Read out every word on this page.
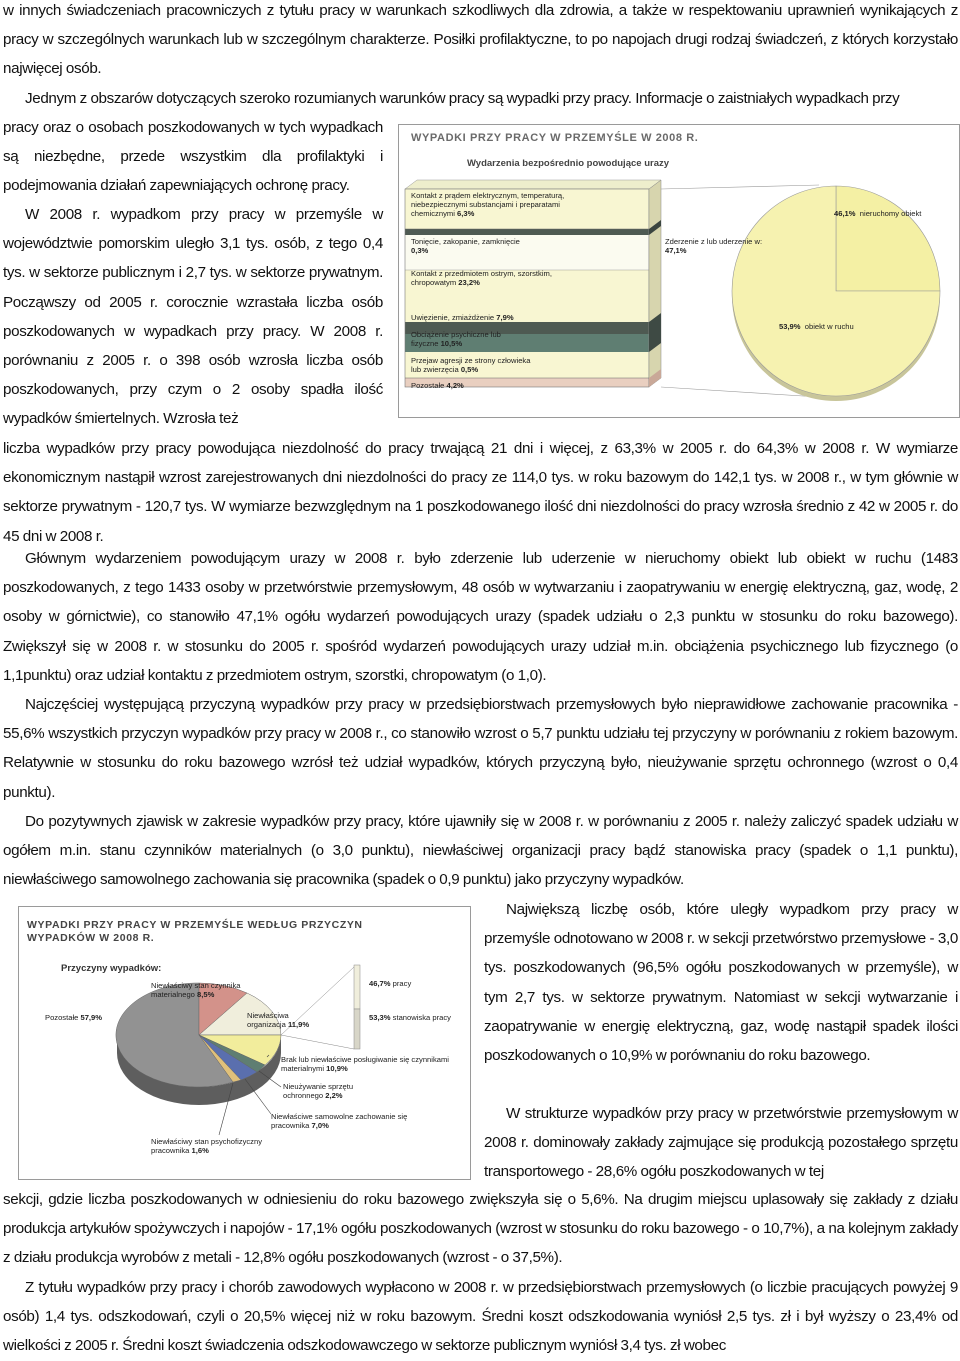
w innych świadczeniach pracowniczych z tytułu pracy w warunkach szkodliwych dla zdrowia, a także w respektowaniu uprawnień wynikających z pracy w szczególnych warunkach lub w szczególnym charakterze. Posiłki profilaktyczne, to po napojach drugi rodzaj świadczeń, z których korzystało najwięcej osób.

Jednym z obszarów dotyczących szeroko rozumianych warunków pracy są wypadki przy pracy. Informacje o zaistniałych wypadkach przy

pracy oraz o osobach poszkodowanych w tych wypadkach są niezbędne, przede wszystkim dla profilaktyki i podejmowania działań zapewniających ochronę pracy.

W 2008 r. wypadkom przy pracy w przemyśle w województwie pomorskim uległo 3,1 tys. osób, z tego 0,4 tys. w sektorze publicznym i 2,7 tys. w sektorze prywatnym. Począwszy od 2005 r. corocznie wzrastała liczba osób poszkodowanych w wypadkach przy pracy. W 2008 r. porównaniu z 2005 r. o 398 osób wzrosła liczba osób poszkodowanych, przy czym o 2 osoby spadła ilość wypadków śmiertelnych. Wzrosła też

liczba wypadków przy pracy powodująca niezdolność do pracy trwającą 21 dni i więcej, z 63,3% w 2005 r. do 64,3% w 2008 r. W wymiarze ekonomicznym nastąpił wzrost zarejestrowanych dni niezdolności do pracy ze 114,0 tys. w roku bazowym do 142,1 tys. w 2008 r., w tym głównie w sektorze prywatnym - 120,7 tys. W wymiarze bezwzględnym na 1 poszkodowanego ilość dni niezdolności do pracy wzrosła średnio z 42 w 2005 r. do 45 dni w 2008 r.

Głównym wydarzeniem powodującym urazy w 2008 r. było zderzenie lub uderzenie w nieruchomy obiekt lub obiekt w ruchu (1483 poszkodowanych, z tego 1433 osoby w przetwórstwie przemysłowym, 48 osób w wytwarzaniu i zaopatrywaniu w energię elektryczną, gaz, wodę, 2 osoby w górnictwie), co stanowiło 47,1% ogółu wydarzeń powodujących urazy (spadek udziału o 2,3 punktu w stosunku do roku bazowego). Zwiększył się w 2008 r. w stosunku do 2005 r. spośród wydarzeń powodujących urazy udział m.in. obciążenia psychicznego lub fizycznego (o 1,1punktu) oraz udział kontaktu z przedmiotem ostrym, szorstki, chropowatym (o 1,0).

Najczęściej występującą przyczyną wypadków przy pracy w przedsiębiorstwach przemysłowych było nieprawidłowe zachowanie pracownika - 55,6% wszystkich przyczyn wypadków przy pracy w 2008 r., co stanowiło wzrost o 5,7 punktu udziału tej przyczyny w porównaniu z rokiem bazowym. Relatywnie w stosunku do roku bazowego wzrósł też udział wypadków, których przyczyną było, nieużywanie sprzętu ochronnego (wzrost o 0,4 punktu).

Do pozytywnych zjawisk w zakresie wypadków przy pracy, które ujawniły się w 2008 r. w porównaniu z 2005 r. należy zaliczyć spadek udziału w ogółem m.in. stanu czynników materialnych (o 3,0 punktu), niewłaściwej organizacji pracy bądź stanowiska pracy (spadek o 1,1 punktu), niewłaściwego samowolnego zachowania się pracownika (spadek o 0,9 punktu) jako przyczyny wypadków.

Największą liczbę osób, które uległy wypadkom przy pracy w przemyśle odnotowano w 2008 r. w sekcji przetwórstwo przemysłowe - 3,0 tys. poszkodowanych (96,5% ogółu poszkodowanych w przemyśle), w tym 2,7 tys. w sektorze prywatnym. Natomiast w sekcji wytwarzanie i zaopatrywanie w energię elektryczną, gaz, wodę nastąpił spadek ilości poszkodowanych o 10,9% w porównaniu do roku bazowego.

W strukturze wypadków przy pracy w przetwórstwie przemysłowym w 2008 r. dominowały zakłady zajmujące się produkcją pozostałego sprzętu transportowego - 28,6% ogółu poszkodowanych w tej

sekcji, gdzie liczba poszkodowanych w odniesieniu do roku bazowego zwiększyła się o 5,6%. Na drugim miejscu uplasowały się zakłady z działu produkcja artykułów spożywczych i napojów - 17,1% ogółu poszkodowanych (wzrost w stosunku do roku bazowego - o 10,7%), a na kolejnym zakłady z działu produkcja wyrobów z metali - 12,8% ogółu poszkodowanych (wzrost - o 37,5%).

Z tytułu wypadków przy pracy i chorób zawodowych wypłacono w 2008 r. w przedsiębiorstwach przemysłowych (o liczbie pracujących powyżej 9 osób) 1,4 tys. odszkodowań, czyli o 20,5% więcej niż w roku bazowym. Średni koszt odszkodowania wyniósł 2,5 tys. zł i był wyższy o 23,4% od wielkości z 2005 r. Średni koszt świadczenia odszkodowawczego w sektorze publicznym wyniósł 3,4 tys. zł wobec

WYPADKI PRZY PRACY W PRZEMYŚLE W 2008 R.
Wydarzenia bezpośrednio powodujące urazy
Kontakt z prądem elektrycznym, temperaturą, niebezpiecznymi substancjami i preparatami chemicznymi 6,3%
Tonięcie, zakopanie, zamknięcie 0,3%
Kontakt z przedmiotem ostrym, szorstkim, chropowatym 23,2%
Uwięzienie, zmiażdżenie 7,9%
Obciążenie psychiczne lub fizyczne 10,5%
Przejaw agresji ze strony człowieka lub zwierzęcia 0,5%
Pozostałe 4,2%
Zderzenie z lub uderzenie w: 47,1%
46,1% nieruchomy obiekt
53,9% obiekt w ruchu
WYPADKI PRZY PRACY W PRZEMYŚLE WEDŁUG PRZYCZYN
WYPADKÓW W 2008 R.
Przyczyny wypadków:
Pozostałe 57,9%
Niewłaściwy stan czynnika materialnego 8,5%
Niewłaściwa organizacja 11,9%
Brak lub niewłaściwe posługiwanie się czynnikami materialnymi 10,9%
Nieużywanie sprzętu ochronnego 2,2%
Niewłaściwe samowolne zachowanie się pracownika 7,0%
Niewłaściwy stan psychofizyczny pracownika 1,6%
46,7% pracy
53,3% stanowiska pracy
